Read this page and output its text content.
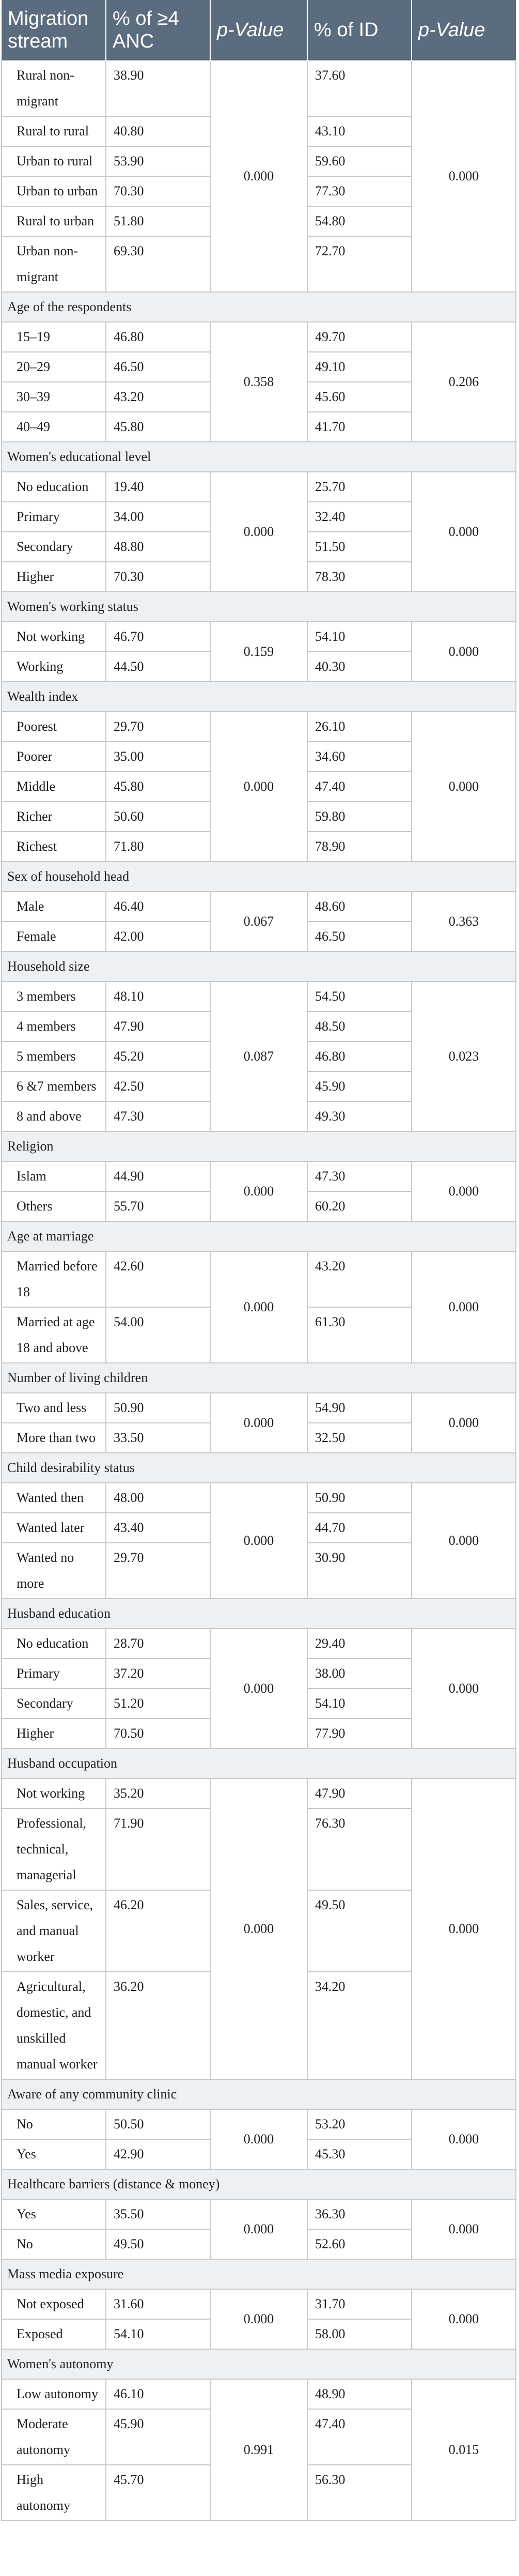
Migration stream	% of ≥4 ANC	p-Value	% of ID	p-Value
Rural non-migrant	38.90	0.000	37.60	0.000
Rural to rural	40.80		43.10	
Urban to rural	53.90		59.60	
Urban to urban	70.30		77.30	
Rural to urban	51.80		54.80	
Urban non-migrant	69.30		72.70	
Age of the respondents				
15–19	46.80	0.358	49.70	0.206
20–29	46.50		49.10	
30–39	43.20		45.60	
40–49	45.80		41.70	
Women's educational level				
No education	19.40	0.000	25.70	0.000
Primary	34.00		32.40	
Secondary	48.80		51.50	
Higher	70.30		78.30	
Women's working status				
Not working	46.70	0.159	54.10	0.000
Working	44.50		40.30	
Wealth index				
Poorest	29.70	0.000	26.10	0.000
Poorer	35.00		34.60	
Middle	45.80		47.40	
Richer	50.60		59.80	
Richest	71.80		78.90	
Sex of household head				
Male	46.40	0.067	48.60	0.363
Female	42.00		46.50	
Household size				
3 members	48.10	0.087	54.50	0.023
4 members	47.90		48.50	
5 members	45.20		46.80	
6 &7 members	42.50		45.90	
8 and above	47.30		49.30	
Religion				
Islam	44.90	0.000	47.30	0.000
Others	55.70		60.20	
Age at marriage				
Married before 18	42.60	0.000	43.20	0.000
Married at age 18 and above	54.00		61.30	
Number of living children				
Two and less	50.90	0.000	54.90	0.000
More than two	33.50		32.50	
Child desirability status				
Wanted then	48.00	0.000	50.90	0.000
Wanted later	43.40		44.70	
Wanted no more	29.70		30.90	
Husband education				
No education	28.70	0.000	29.40	0.000
Primary	37.20		38.00	
Secondary	51.20		54.10	
Higher	70.50		77.90	
Husband occupation				
Not working	35.20	0.000	47.90	0.000
Professional, technical, managerial	71.90		76.30	
Sales, service, and manual worker	46.20		49.50	
Agricultural, domestic, and unskilled manual worker	36.20		34.20	
Aware of any community clinic				
No	50.50	0.000	53.20	0.000
Yes	42.90		45.30	
Healthcare barriers (distance & money)				
Yes	35.50	0.000	36.30	0.000
No	49.50		52.60	
Mass media exposure				
Not exposed	31.60	0.000	31.70	0.000
Exposed	54.10		58.00	
Women's autonomy				
Low autonomy	46.10	0.991	48.90	0.015
Moderate autonomy	45.90		47.40	
High autonomy	45.70		56.30	
